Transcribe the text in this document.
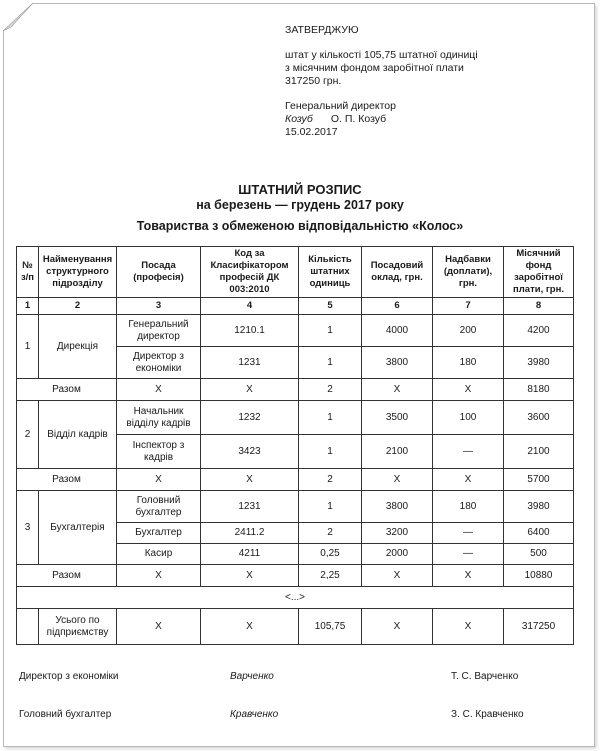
ЗАТВЕРДЖУЮ
штат у кількості 105,75 штатної одиниці
з місячним фондом заробітної плати
317250 грн.
Генеральний директор
Козуб О. П. Козуб
15.02.2017
ШТАТНИЙ РОЗПИС
на березень — грудень 2017 року
Товариства з обмеженою відповідальністю «Колос»
№ з/п	Найменування структурного підрозділу	Посада (професія)	Код за Класифікатором професій ДК 003:2010	Кількість штатних одиниць	Посадовий оклад, грн.	Надбавки (доплати), грн.	Місячний фонд заробітної плати, грн.
1	2	3	4	5	6	7	8
1	Дирекція	Генеральний директор	1210.1	1	4000	200	4200
		Директор з економіки	1231	1	3800	180	3980
Разом		Х	Х	2	Х	Х	8180
2	Відділ кадрів	Начальник відділу кадрів	1232	1	3500	100	3600
		Інспектор з кадрів	3423	1	2100	—	2100
Разом		Х	Х	2	Х	Х	5700
3	Бухгалтерія	Головний бухгалтер	1231	1	3800	180	3980
		Бухгалтер	2411.2	2	3200	—	6400
		Касир	4211	0,25	2000	—	500
Разом		Х	Х	2,25	Х	Х	10880
<...>							
	Усього по підприємству	Х	Х	105,75	Х	Х	317250
Директор з економіки	Варченко	Т. С. Варченко
Головний бухгалтер	Кравченко	З. С. Кравченко
